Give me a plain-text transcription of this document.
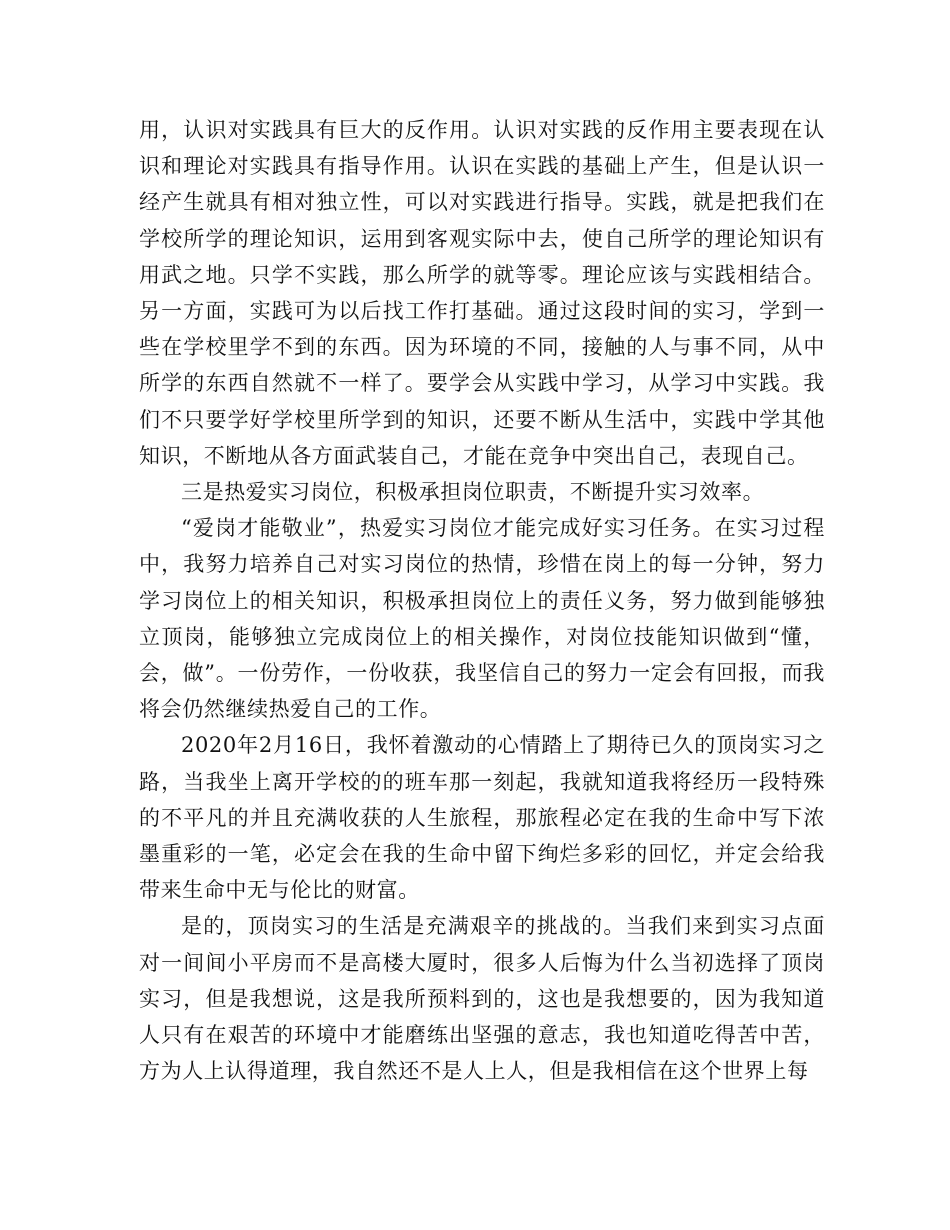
用，认识对实践具有巨大的反作用。认识对实践的反作用主要表现在认识和理论对实践具有指导作用。认识在实践的基础上产生，但是认识一经产生就具有相对独立性，可以对实践进行指导。实践，就是把我们在学校所学的理论知识，运用到客观实际中去，使自己所学的理论知识有用武之地。只学不实践，那么所学的就等零。理论应该与实践相结合。另一方面，实践可为以后找工作打基础。通过这段时间的实习，学到一些在学校里学不到的东西。因为环境的不同，接触的人与事不同，从中所学的东西自然就不一样了。要学会从实践中学习，从学习中实践。我们不只要学好学校里所学到的知识，还要不断从生活中，实践中学其他知识，不断地从各方面武装自己，才能在竞争中突出自己，表现自己。

三是热爱实习岗位，积极承担岗位职责，不断提升实习效率。

“爱岗才能敬业”，热爱实习岗位才能完成好实习任务。在实习过程中，我努力培养自己对实习岗位的热情，珍惜在岗上的每一分钟，努力学习岗位上的相关知识，积极承担岗位上的责任义务，努力做到能够独立顶岗，能够独立完成岗位上的相关操作，对岗位技能知识做到“懂，会，做”。一份劳作，一份收获，我坚信自己的努力一定会有回报，而我将会仍然继续热爱自己的工作。

2020年2月16日，我怀着激动的心情踏上了期待已久的顶岗实习之路，当我坐上离开学校的的班车那一刻起，我就知道我将经历一段特殊的不平凡的并且充满收获的人生旅程，那旅程必定在我的生命中写下浓墨重彩的一笔，必定会在我的生命中留下绚烂多彩的回忆，并定会给我带来生命中无与伦比的财富。

是的，顶岗实习的生活是充满艰辛的挑战的。当我们来到实习点面对一间间小平房而不是高楼大厦时，很多人后悔为什么当初选择了顶岗实习，但是我想说，这是我所预料到的，这也是我想要的，因为我知道人只有在艰苦的环境中才能磨练出坚强的意志，我也知道吃得苦中苦，方为人上认得道理，我自然还不是人上人，但是我相信在这个世界上每
